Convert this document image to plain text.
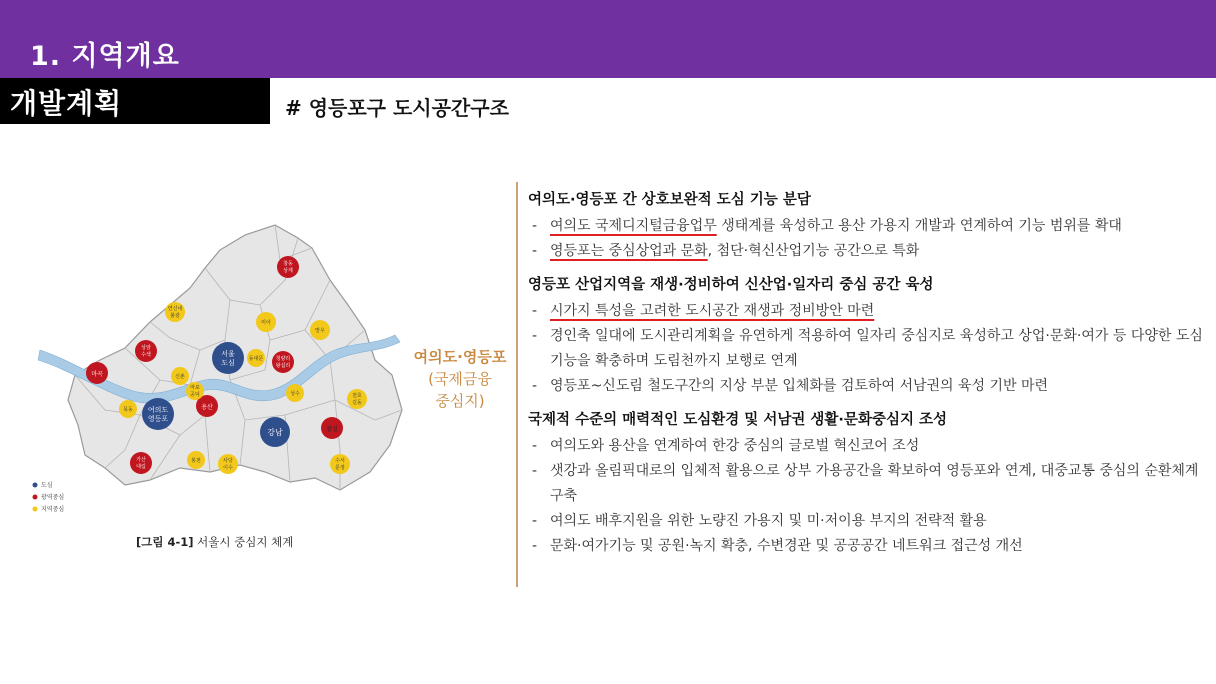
1. 지역개요
개발계획	# 영등포구 도시공간구조
서울
도심
여의도
영등포
강남
창동
상계
청량리
왕십리
상암
수색
마곡
용산
가산
대림
잠실
연신내
불광
미아
망우
신촌
동대문
마포
공덕	성수	천호
길동
목동
봉천	사당
이수
수서
문정
도심
광역중심
지역중심
[그림 4-1] 서울시 중심지 체계
여의도·영등포
(국제금융
중심지)
여의도·영등포 간 상호보완적 도심 기능 분담
- 여의도 국제디지털금융업무 생태계를 육성하고 용산 가용지 개발과 연계하여 기능 범위를 확대
- 영등포는 중심상업과 문화, 첨단·혁신산업기능 공간으로 특화
영등포 산업지역을 재생·정비하여 신산업·일자리 중심 공간 육성
- 시가지 특성을 고려한 도시공간 재생과 정비방안 마련
- 경인축 일대에 도시관리계획을 유연하게 적용하여 일자리 중심지로 육성하고 상업·문화·여가 등 다양한 도심기능을 확충하며 도림천까지 보행로 연계
- 영등포~신도림 철도구간의 지상 부분 입체화를 검토하여 서남권의 육성 기반 마련
국제적 수준의 매력적인 도심환경 및 서남권 생활·문화중심지 조성
- 여의도와 용산을 연계하여 한강 중심의 글로벌 혁신코어 조성
- 샛강과 올림픽대로의 입체적 활용으로 상부 가용공간을 확보하여 영등포와 연계, 대중교통 중심의 순환체계 구축
- 여의도 배후지원을 위한 노량진 가용지 및 미·저이용 부지의 전략적 활용
- 문화·여가기능 및 공원·녹지 확충, 수변경관 및 공공공간 네트워크 접근성 개선
